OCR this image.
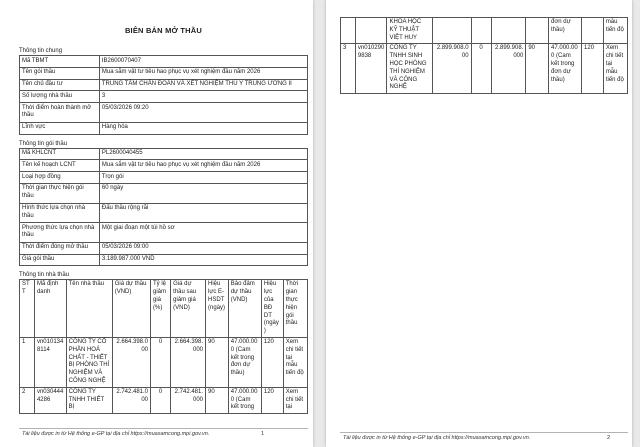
BIÊN BẢN MỞ THẦU
Thông tin chung
Mã TBMT	IB2600070407
Tên gói thầu	Mua sắm vật tư tiêu hao phục vụ xét nghiệm đầu năm 2026
Tên chủ đầu tư	TRUNG TÂM CHẨN ĐOÁN VÀ XÉT NGHIỆM THÚ Y TRUNG ƯƠNG II
Số lượng nhà thầu	3
Thời điểm hoàn thành mở thầu	05/03/2026 09:20
Lĩnh vực	Hàng hóa
Thông tin gói thầu
Mã KHLCNT	PL2600040455
Tên kế hoạch LCNT	Mua sắm vật tư tiêu hao phục vụ xét nghiệm đầu năm 2026
Loại hợp đồng	Trọn gói
Thời gian thực hiện gói thầu	60 ngày
Hình thức lựa chọn nhà thầu	Đấu thầu rộng rãi
Phương thức lựa chọn nhà thầu	Một giai đoạn một túi hồ sơ
Thời điểm đóng mở thầu	05/03/2026 09:00
Giá gói thầu	3.189.987.000 VND
Thông tin nhà thầu
STT	Mã định danh	Tên nhà thầu	Giá dự thầu (VND)	Tỷ lệ giảm giá (%)	Giá dự thầu sau giảm giá (VND)	Hiệu lực E-HSDT (ngày)	Bảo đảm dự thầu (VND)	Hiệu lực của BĐ DT (ngày)	Thời gian thực hiện gói thầu
1	vn0101348114	CÔNG TY CỔ PHẦN HOÁ CHẤT - THIẾT BỊ PHÒNG THÍ NGHIỆM VÀ CÔNG NGHỆ	2.664.398.000	0	2.664.398.000	90	47.000.000 (Cam kết trong đơn dự thầu)	120	Xem chi tiết tại mẫu tiến độ
2	vn0304444286	CÔNG TY TNHH THIẾT BỊ	2.742.481.000	0	2.742.481.000	90	47.000.000 (Cam kết trong	120	Xem chi tiết tại
Tài liệu được in từ Hệ thống e-GP tại địa chỉ https://muasamcong.mpi.gov.vn.	1
		KHOA HỌC KỸ THUẬT VIỆT HUY					đơn dự thầu)		mẫu tiến độ
3	vn0102909838	CÔNG TY TNHH SINH HỌC PHÒNG THÍ NGHIỆM VÀ CÔNG NGHỆ	2.899.908.000	0	2.899.908.000	90	47.000.000 (Cam kết trong đơn dự thầu)	120	Xem chi tiết tại mẫu tiến độ
Tài liệu được in từ Hệ thống e-GP tại địa chỉ https://muasamcong.mpi.gov.vn.	2
